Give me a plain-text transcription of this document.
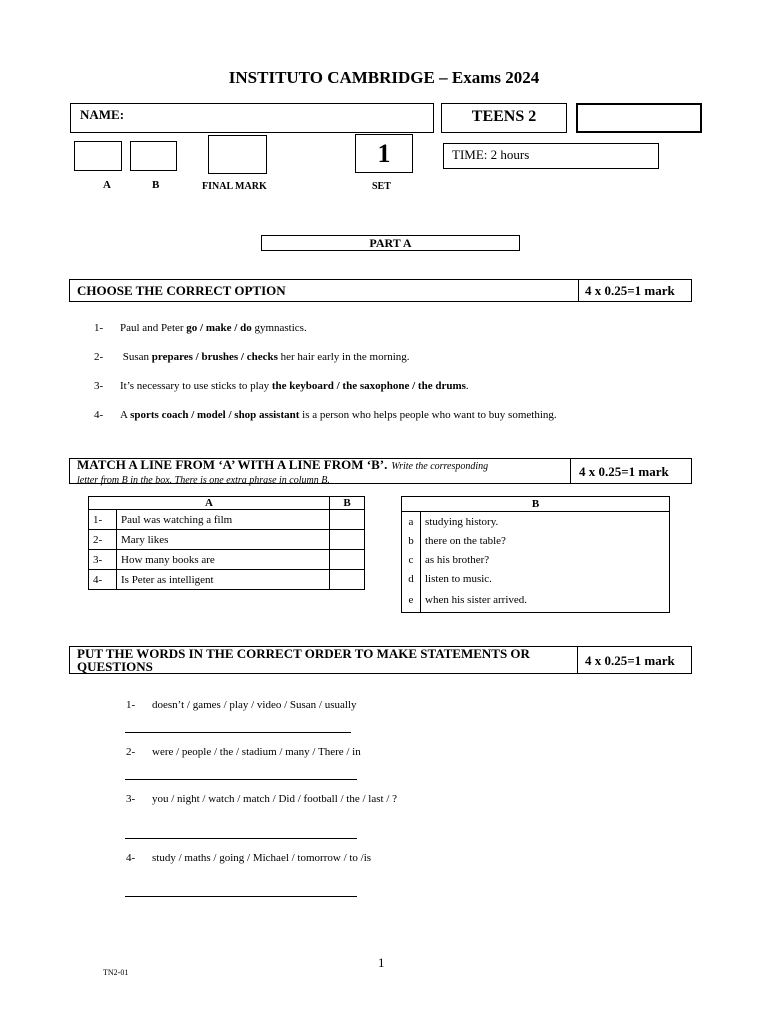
INSTITUTO CAMBRIDGE – Exams 2024
NAME:	TEENS 2
1	TIME: 2 hours
A	B	FINAL MARK	SET
PART A
CHOOSE THE CORRECT OPTION	4 x 0.25=1 mark
1- Paul and Peter go / make / do gymnastics.
2- Susan prepares / brushes / checks her hair early in the morning.
3- It’s necessary to use sticks to play the keyboard / the saxophone / the drums.
4- A sports coach / model / shop assistant is a person who helps people who want to buy something.
MATCH A LINE FROM ‘A’ WITH A LINE FROM ‘B’. Write the corresponding
letter from B in the box. There is one extra phrase in column B.
4 x 0.25=1 mark
A		B
1-	Paul was watching a film	
2-	Mary likes	
3-	How many books are	
4-	Is Peter as intelligent	
B	
a	studying history.
b	there on the table?
c	as his brother?
d	listen to music.
e	when his sister arrived.
PUT THE WORDS IN THE CORRECT ORDER TO MAKE STATEMENTS OR
QUESTIONS	4 x 0.25=1 mark
1- doesn’t / games / play / video / Susan / usually
2- were / people / the / stadium / many / There / in
3- you / night / watch / match / Did / football / the / last / ?
4- study / maths / going / Michael / tomorrow / to /is
1
TN2-01
